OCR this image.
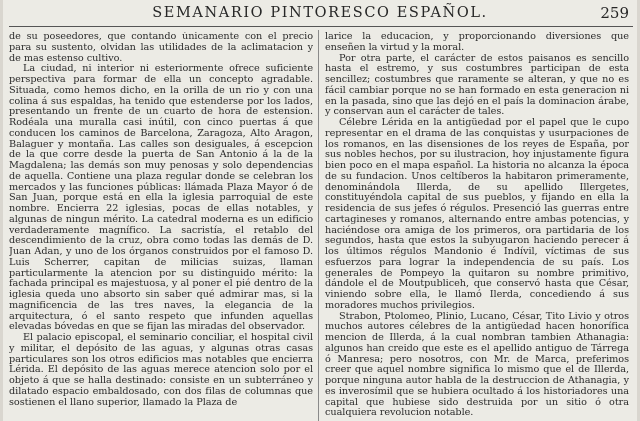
SEMANARIO PINTORESCO ESPAÑOL.	259

de su poseedores, que contando únicamente con el precio para su sustento, olvidan las utilidades de la aclimatacion y de mas estenso cultivo.

La ciudad, ni interior ni esteriormente ofrece suficiente perspectiva para formar de ella un concepto agradable. Situada, como hemos dicho, en la orilla de un rio y con una colina á sus espaldas, ha tenido que estenderse por los lados, presentando un frente de un cuarto de hora de estension. Rodéala una muralla casi inútil, con cinco puertas á que conducen los caminos de Barcelona, Zaragoza, Alto Aragon, Balaguer y montaña. Las calles son desiguales, á escepcion de la que corre desde la puerta de San Antonio á la de la Magdalena; las demás son muy penosas y solo dependencias de aquella. Contiene una plaza regular donde se celebran los mercados y las funciones públicas: llámada Plaza Mayor ó de San Juan, porque está en ella la iglesia parroquial de este nombre. Encierra 22 iglesias, pocas de ellas notables, y algunas de ningun mérito. La catedral moderna es un edificio verdaderamente magnífico. La sacristía, el retablo del descendimiento de la cruz, obra como todas las demás de D. Juan Adan, y uno de los órganos construidos por el famoso D. Luis Scherrer, capitan de milicias suizas, llaman particularmente la atencion por su distinguido mérito: la fachada principal es majestuosa, y al poner el pié dentro de la iglesia queda uno absorto sin saber qué admirar mas, si la magnificencia de las tres naves, la elegancia de la arquitectura, ó el santo respeto que infunden aquellas elevadas bóvedas en que se fijan las miradas del observador.

El palacio episcopal, el seminario conciliar, el hospital civil y militar, el depósito de las aguas, y algunas otras casas particulares son los otros edificios mas notables que encierra Lérida. El depósito de las aguas merece atencion solo por el objeto á que se halla destinado: consiste en un subterráneo y dilatado espacio embaldosado, con dos filas de columnas que sostienen el llano superior, llamado la Plaza de

larice la educacion, y proporcionando diversiones que enseñen la virtud y la moral.

Por otra parte, el carácter de estos paisanos es sencillo hasta el estremo, y sus costumbres participan de esta sencillez; costumbres que raramente se alteran, y que no es fácil cambiar porque no se han formado en esta generacion ni en la pasada, sino que las dejó en el país la dominacion árabe, y conservan aun el carácter de tales.

Célebre Lérida en la antigüedad por el papel que le cupo representar en el drama de las conquistas y usurpaciones de los romanos, en las disensiones de los reyes de España, por sus nobles hechos, por su ilustracion, hoy injustamente figura bien poco en el mapa español. La historia no alcanza la época de su fundacion. Unos celtíberos la habitaron primeramente, denominándola Illerda, de su apellido Illergetes, constituyéndola capital de sus pueblos, y fijando en ella la residencia de sus jefes ó régulos. Presenció las guerras entre cartagineses y romanos, alternando entre ambas potencias, y haciéndose ora amiga de los primeros, ora partidaria de los segundos, hasta que estos la subyugaron haciendo perecer á los últimos régulos Mandonio é Indívil, víctimas de sus esfuerzos para lograr la independencia de su país. Los generales de Pompeyo la quitaron su nombre primitivo, dándole el de Moutpubliceh, que conservó hasta que César, viniendo sobre ella, le llamó Ilerda, concediendo á sus moradores muchos privilegios.

Strabon, Ptolomeo, Plinio, Lucano, César, Tito Livio y otros muchos autores célebres de la antigüedad hacen honorífica mencion de Illerda, á la cual nombran tambien Athanagia: algunos han creido que este es el apellido antiguo de Tárrega ó Manresa; pero nosotros, con Mr. de Marca, preferimos creer que aquel nombre significa lo mismo que el de Illerda, porque ninguna autor habla de la destruccion de Athanagia, y es inverosímil que se hubiera ocultado á los historiadores una capital que hubiese sido destruida por un sitio ó otra cualquiera revolucion notable.
